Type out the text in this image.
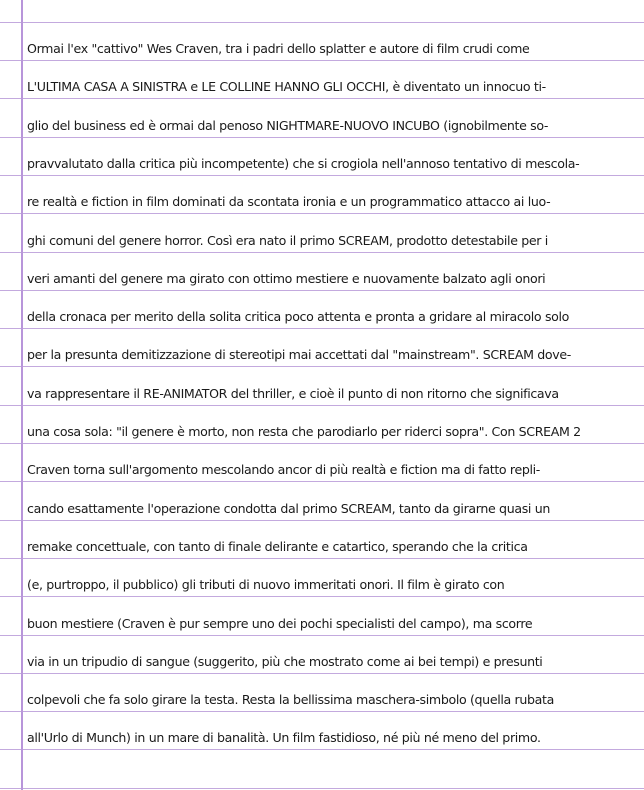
Ormai l'ex "cattivo" Wes Craven, tra i padri dello splatter e autore di film crudi come
L'ULTIMA CASA A SINISTRA e LE COLLINE HANNO GLI OCCHI, è diventato un innocuo ti-
glio del business ed è ormai dal penoso NIGHTMARE-NUOVO INCUBO (ignobilmente so-
pravvalutato dalla critica più incompetente) che si crogiola nell'annoso tentativo di mescola-
re realtà e fiction in film dominati da scontata ironia e un programmatico attacco ai luo-
ghi comuni del genere horror. Così era nato il primo SCREAM, prodotto detestabile per i
veri amanti del genere ma girato con ottimo mestiere e nuovamente balzato agli onori
della cronaca per merito della solita critica poco attenta e pronta a gridare al miracolo solo
per la presunta demitizzazione di stereotipi mai accettati dal "mainstream". SCREAM dove-
va rappresentare il RE-ANIMATOR del thriller, e cioè il punto di non ritorno che significava
una cosa sola: "il genere è morto, non resta che parodiarlo per riderci sopra". Con SCREAM 2
Craven torna sull'argomento mescolando ancor di più realtà e fiction ma di fatto repli-
cando esattamente l'operazione condotta dal primo SCREAM, tanto da girarne quasi un
remake concettuale, con tanto di finale delirante e catartico, sperando che la critica
(e, purtroppo, il pubblico) gli tributi di nuovo immeritati onori. Il film è girato con
buon mestiere (Craven è pur sempre uno dei pochi specialisti del campo), ma scorre
via in un tripudio di sangue (suggerito, più che mostrato come ai bei tempi) e presunti
colpevoli che fa solo girare la testa. Resta la bellissima maschera-simbolo (quella rubata
all'Urlo di Munch) in un mare di banalità. Un film fastidioso, né più né meno del primo.
